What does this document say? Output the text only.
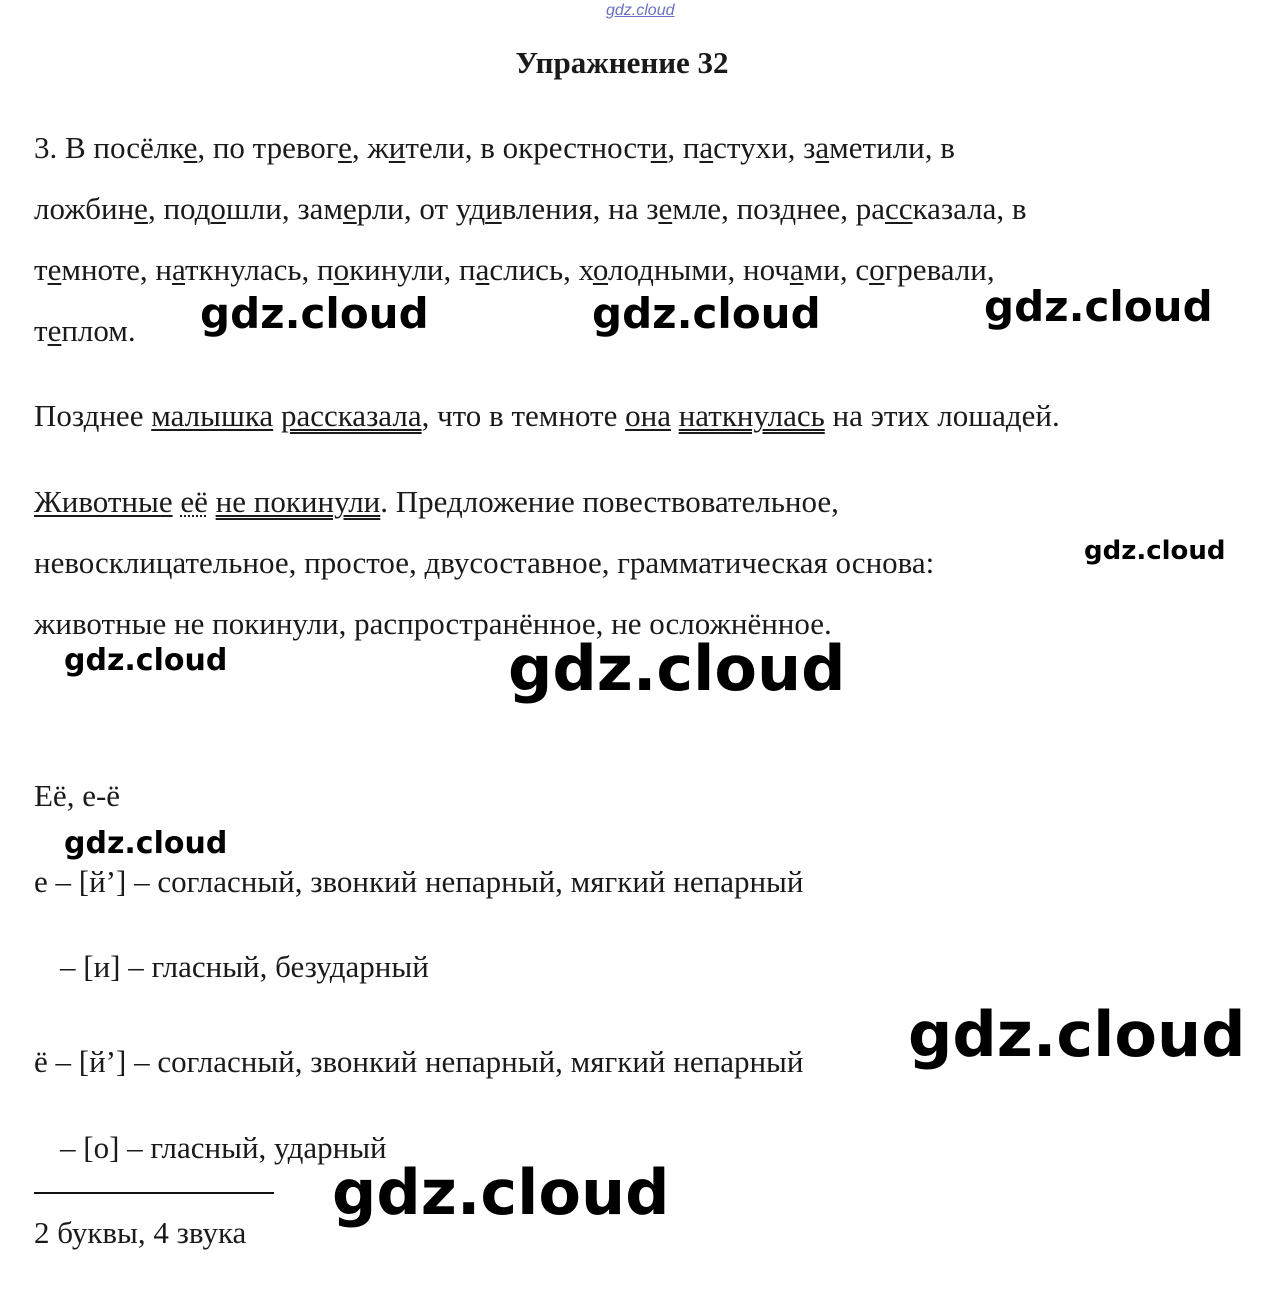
gdz.cloud
Упражнение 32
3. В посёлке, по тревоге, жители, в окрестности, пастухи, заметили, в
ложбине, подошли, замерли, от удивления, на земле, позднее, рассказала, в
темноте, наткнулась, покинули, паслись, холодными, ночами, согревали,
теплом.
Позднее малышка рассказала, что в темноте она наткнулась на этих лошадей.
Животные её не покинули. Предложение повествовательное,
невосклицательное, простое, двусоставное, грамматическая основа:
животные не покинули, распространённое, не осложнённое.
Её, е-ё
е – [й’] – согласный, звонкий непарный, мягкий непарный
– [и] – гласный, безударный
ё – [й’] – согласный, звонкий непарный, мягкий непарный
– [о] – гласный, ударный
2 буквы, 4 звука
gdz.cloud	gdz.cloud	gdz.cloud
gdz.cloud
gdz.cloud	gdz.cloud
gdz.cloud
gdz.cloud
gdz.cloud
